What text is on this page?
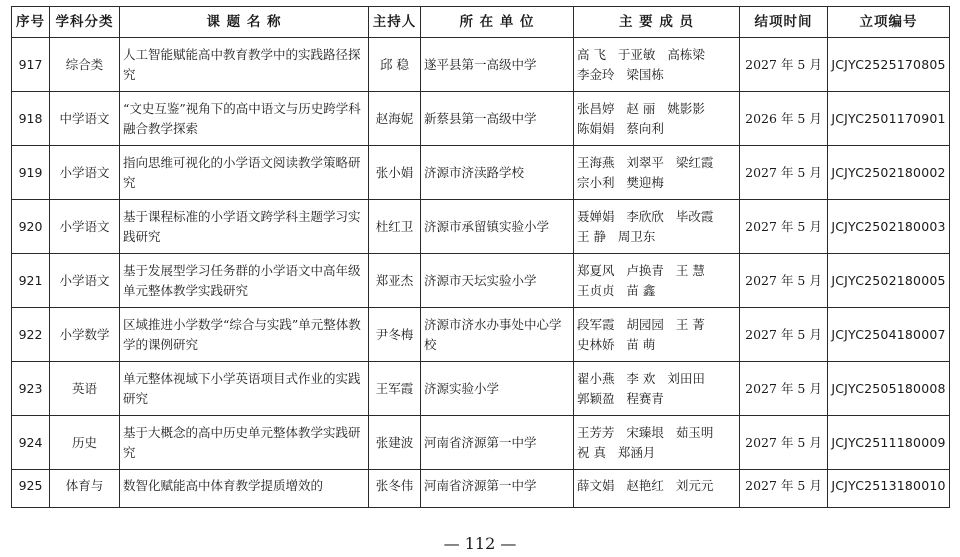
序号	学科分类	课 题 名 称	主持人	所 在 单 位	主 要 成 员	结项时间	立项编号
917	综合类	人工智能赋能高中教育教学中的实践路径探究	邱 稳	遂平县第一高级中学	高 飞   于亚敏   高栋梁
李金玲   梁国栋	2027 年 5 月	JCJYC2525170805
918	中学语文	“文史互鉴”视角下的高中语文与历史跨学科融合教学探索	赵海妮	新蔡县第一高级中学	张昌婷   赵 丽   姚影影
陈娟娟   蔡向利	2026 年 5 月	JCJYC2501170901
919	小学语文	指向思维可视化的小学语文阅读教学策略研究	张小娟	济源市济渎路学校	王海燕   刘翠平   梁红霞
宗小利   樊迎梅	2027 年 5 月	JCJYC2502180002
920	小学语文	基于课程标准的小学语文跨学科主题学习实践研究	杜红卫	济源市承留镇实验小学	聂婵娟   李欣欣   毕改霞
王 静   周卫东	2027 年 5 月	JCJYC2502180003
921	小学语文	基于发展型学习任务群的小学语文中高年级单元整体教学实践研究	郑亚杰	济源市天坛实验小学	郑夏风   卢换青   王 慧
王贞贞   苗 鑫	2027 年 5 月	JCJYC2502180005
922	小学数学	区域推进小学数学“综合与实践”单元整体教学的课例研究	尹冬梅	济源市济水办事处中心学校	段军霞   胡园园   王 菁
史林娇   苗 萌	2027 年 5 月	JCJYC2504180007
923	英语	单元整体视域下小学英语项目式作业的实践研究	王军霞	济源实验小学	翟小燕   李 欢   刘田田
郭颖盈   程赛青	2027 年 5 月	JCJYC2505180008
924	历史	基于大概念的高中历史单元整体教学实践研究	张建波	河南省济源第一中学	王芳芳   宋臻垠   茹玉明
祝 真   郑涵月	2027 年 5 月	JCJYC2511180009
925	体育与	数智化赋能高中体育教学提质增效的	张冬伟	河南省济源第一中学	薛文娟   赵艳红   刘元元	2027 年 5 月	JCJYC2513180010
— 112 —
